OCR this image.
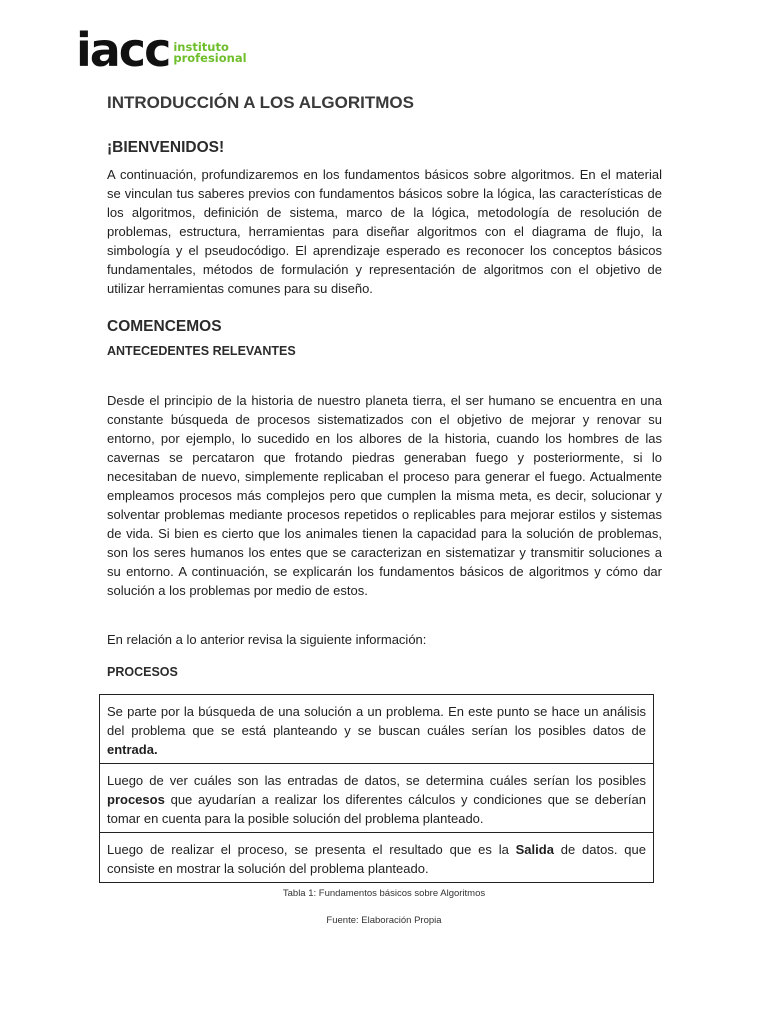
iacc instituto
profesional
INTRODUCCIÓN A LOS ALGORITMOS
¡BIENVENIDOS!

A continuación, profundizaremos en los fundamentos básicos sobre algoritmos. En el material se vinculan tus saberes previos con fundamentos básicos sobre la lógica, las características de los algoritmos, definición de sistema, marco de la lógica, metodología de resolución de problemas, estructura, herramientas para diseñar algoritmos con el diagrama de flujo, la simbología y el pseudocódigo. El aprendizaje esperado es reconocer los conceptos básicos fundamentales, métodos de formulación y representación de algoritmos con el objetivo de utilizar herramientas comunes para su diseño.

COMENCEMOS
ANTECEDENTES RELEVANTES

Desde el principio de la historia de nuestro planeta tierra, el ser humano se encuentra en una constante búsqueda de procesos sistematizados con el objetivo de mejorar y renovar su entorno, por ejemplo, lo sucedido en los albores de la historia, cuando los hombres de las cavernas se percataron que frotando piedras generaban fuego y posteriormente, si lo necesitaban de nuevo, simplemente replicaban el proceso para generar el fuego. Actualmente empleamos procesos más complejos pero que cumplen la misma meta, es decir, solucionar y solventar problemas mediante procesos repetidos o replicables para mejorar estilos y sistemas de vida. Si bien es cierto que los animales tienen la capacidad para la solución de problemas, son los seres humanos los entes que se caracterizan en sistematizar y transmitir soluciones a su entorno. A continuación, se explicarán los fundamentos básicos de algoritmos y cómo dar solución a los problemas por medio de estos.

En relación a lo anterior revisa la siguiente información:

PROCESOS
Se parte por la búsqueda de una solución a un problema. En este punto se hace un análisis del problema que se está planteando y se buscan cuáles serían los posibles datos de entrada.
Luego de ver cuáles son las entradas de datos, se determina cuáles serían los posibles procesos que ayudarían a realizar los diferentes cálculos y condiciones que se deberían tomar en cuenta para la posible solución del problema planteado.
Luego de realizar el proceso, se presenta el resultado que es la Salida de datos. que consiste en mostrar la solución del problema planteado.
Tabla 1: Fundamentos básicos sobre Algoritmos
Fuente: Elaboración Propia
